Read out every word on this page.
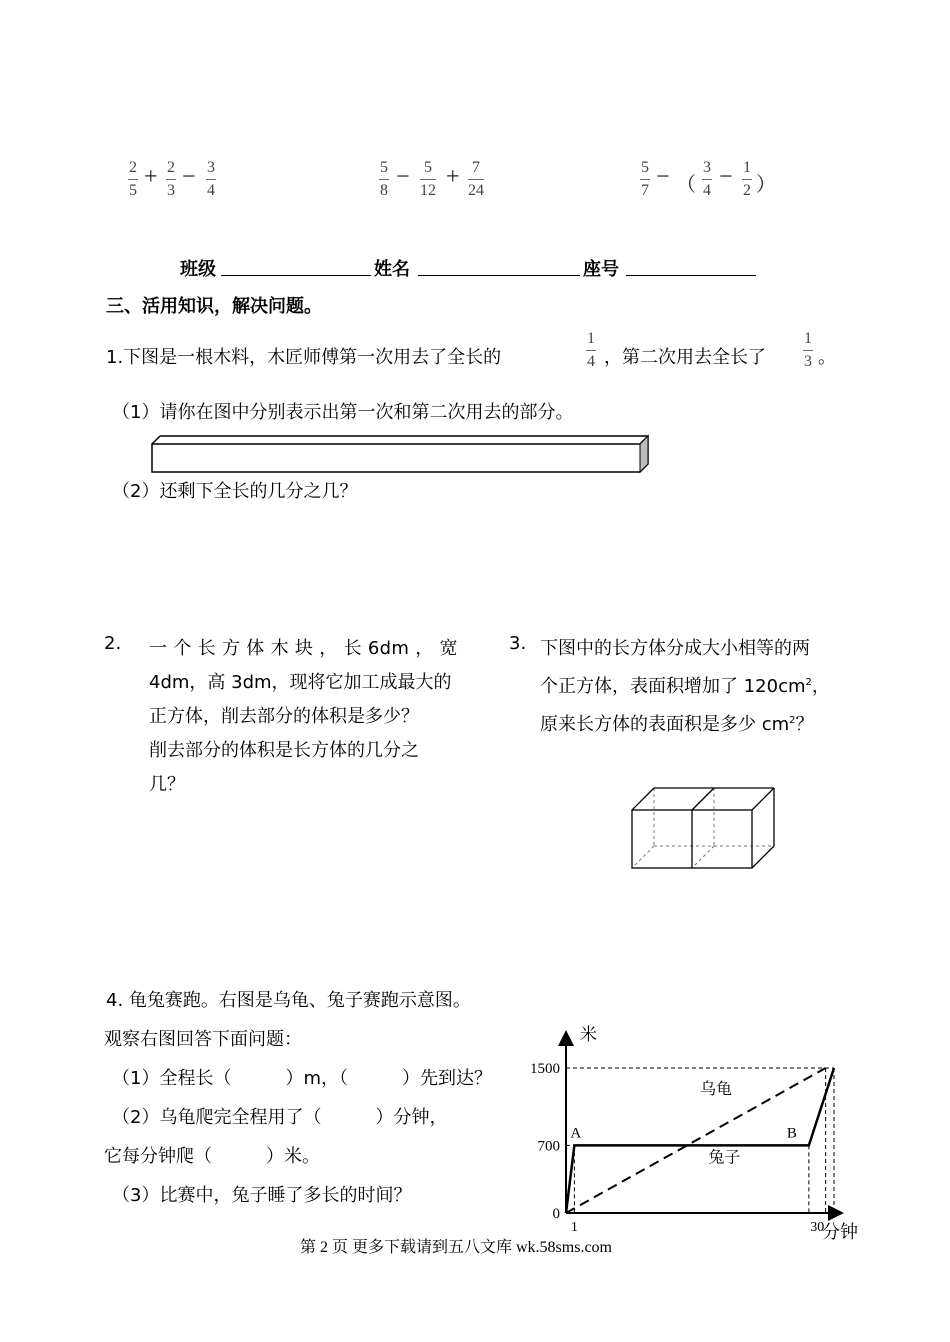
2
5
+ 2
3
− 3
4
5
8
− 5
12
+ 7
24
5
7
− （
3
4
− 1
2 ）
班级	姓名	座号
三、活用知识，解决问题。
1.下图是一根木料，木匠师傅第一次用去了全长的
1
4 ，第二次用去全长了
1
3 。
（1）请你在图中分别表示出第一次和第二次用去的部分。
（2）还剩下全长的几分之几？
2. 一 个 长 方 体 木 块 ， 长 6dm ， 宽
4dm，高 3dm，现将它加工成最大的
正方体，削去部分的体积是多少？
削去部分的体积是长方体的几分之
几？
3. 下图中的长方体分成大小相等的两
个正方体，表面积增加了 $120cm^2$，
原来长方体的表面积是多少 $cm^2$？
4. 龟兔赛跑。右图是乌龟、兔子赛跑示意图。
观察右图回答下面问题：
（1）全程长（　　　）m，（　　　）先到达？
（2）乌龟爬完全程用了（　　　）分钟，
它每分钟爬（　　　）米。
（3）比赛中，兔子睡了多长的时间？
米
分钟
0
700
1500
1	30
乌龟
兔子
A	B
第 2 页 更多下载请到五八文库 wk.58sms.com
